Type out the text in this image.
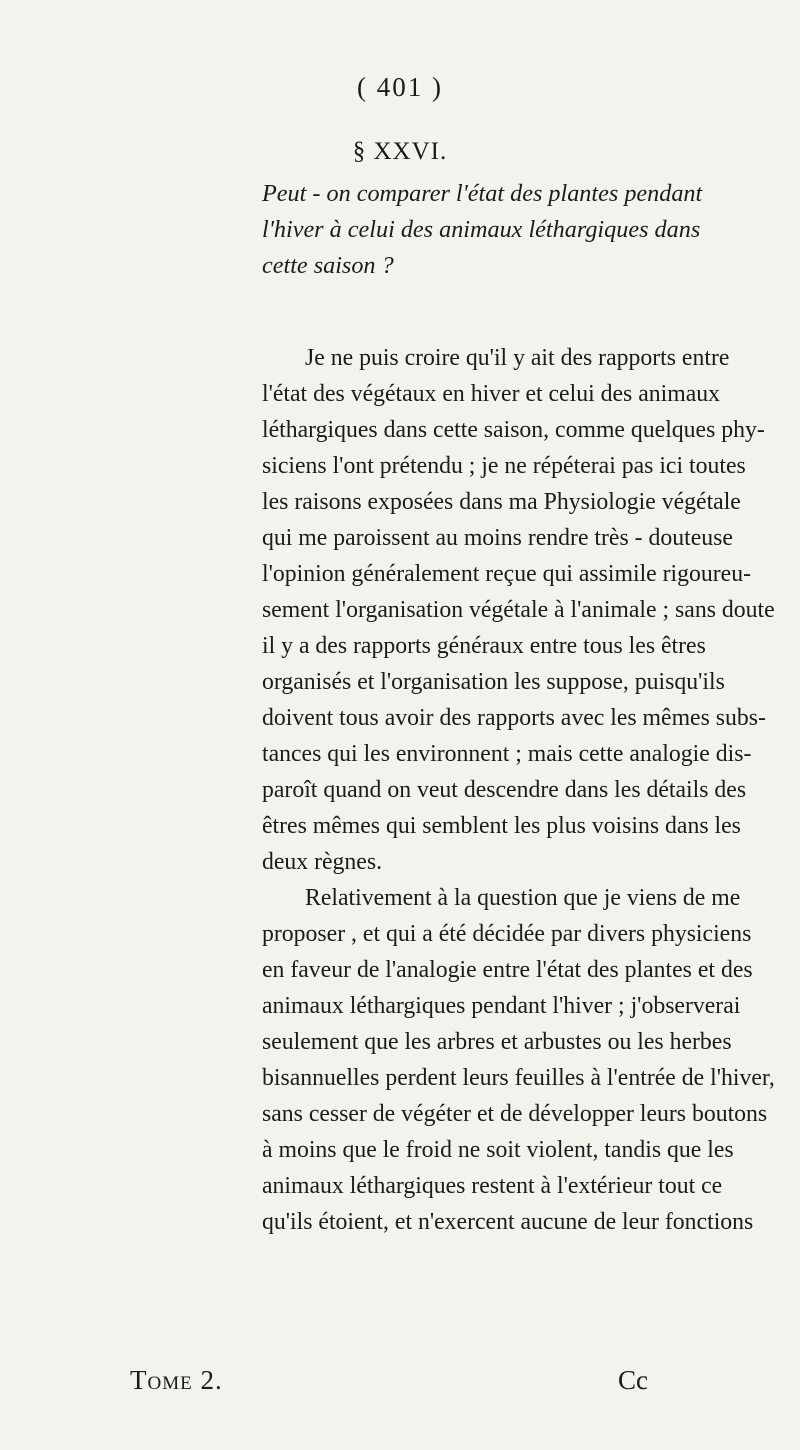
( 401 )
§ XXVI.
Peut - on comparer l'état des plantes pendant
l'hiver à celui des animaux léthargiques dans
cette saison ?
Je ne puis croire qu'il y ait des rapports entre
l'état des végétaux en hiver et celui des animaux
léthargiques dans cette saison, comme quelques phy-
siciens l'ont prétendu ; je ne répéterai pas ici toutes
les raisons exposées dans ma Physiologie végétale
qui me paroissent au moins rendre très - douteuse
l'opinion généralement reçue qui assimile rigoureu-
sement l'organisation végétale à l'animale ; sans doute
il y a des rapports généraux entre tous les êtres
organisés et l'organisation les suppose, puisqu'ils
doivent tous avoir des rapports avec les mêmes subs-
tances qui les environnent ; mais cette analogie dis-
paroît quand on veut descendre dans les détails des
êtres mêmes qui semblent les plus voisins dans les
deux règnes.
Relativement à la question que je viens de me
proposer , et qui a été décidée par divers physiciens
en faveur de l'analogie entre l'état des plantes et des
animaux léthargiques pendant l'hiver ; j'observerai
seulement que les arbres et arbustes ou les herbes
bisannuelles perdent leurs feuilles à l'entrée de l'hiver,
sans cesser de végéter et de développer leurs boutons
à moins que le froid ne soit violent, tandis que les
animaux léthargiques restent à l'extérieur tout ce
qu'ils étoient, et n'exercent aucune de leur fonctions
Tome 2.	Cc
